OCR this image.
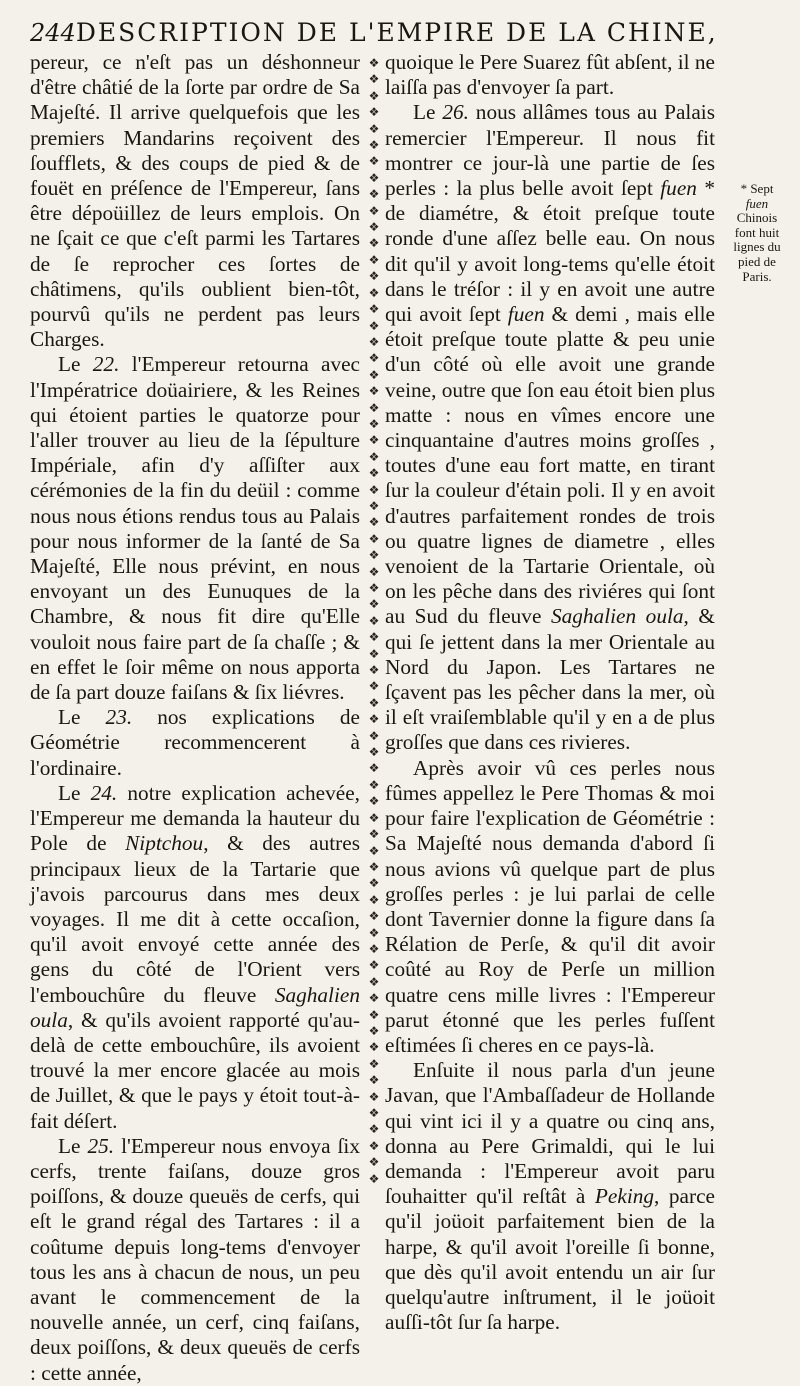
244 DESCRIPTION DE L'EMPIRE DE LA CHINE,

pereur, ce n'eſt pas un déshonneur d'être châtié de la ſorte par ordre de Sa Majeſté. Il arrive quelquefois que les premiers Mandarins reçoivent des ſoufflets, & des coups de pied & de fouët en préſence de l'Empereur, ſans être dépoüillez de leurs emplois. On ne ſçait ce que c'eſt parmi les Tartares de ſe reprocher ces ſortes de châtimens, qu'ils oublient bien-tôt, pourvû qu'ils ne perdent pas leurs Charges.

Le 22. l'Empereur retourna avec l'Impératrice doüairiere, & les Reines qui étoient parties le quatorze pour l'aller trouver au lieu de la ſépulture Impériale, afin d'y aſſiſter aux cérémonies de la fin du deüil : comme nous nous étions rendus tous au Palais pour nous informer de la ſanté de Sa Majeſté, Elle nous prévint, en nous envoyant un des Eunuques de la Chambre, & nous fit dire qu'Elle vouloit nous faire part de ſa chaſſe ; & en effet le ſoir même on nous apporta de ſa part douze faiſans & ſix liévres.

Le 23. nos explications de Géométrie recommencerent à l'ordinaire.

Le 24. notre explication achevée, l'Empereur me demanda la hauteur du Pole de Niptchou, & des autres principaux lieux de la Tartarie que j'avois parcourus dans mes deux voyages. Il me dit à cette occaſion, qu'il avoit envoyé cette année des gens du côté de l'Orient vers l'embouchûre du fleuve Saghalien oula, & qu'ils avoient rapporté qu'au-delà de cette embouchûre, ils avoient trouvé la mer encore glacée au mois de Juillet, & que le pays y étoit tout-à-fait déſert.

Le 25. l'Empereur nous envoya ſix cerfs, trente faiſans, douze gros poiſſons, & douze queuës de cerfs, qui eſt le grand régal des Tartares : il a coûtume depuis long-tems d'envoyer tous les ans à chacun de nous, un peu avant le commencement de la nouvelle année, un cerf, cinq faiſans, deux poiſſons, & deux queuës de cerfs : cette année,

❖
❖
❖
❖
❖
❖
❖
❖
❖
❖
❖
❖
❖
❖
❖
❖
❖
❖
❖
❖
❖
❖
❖
❖
❖
❖
❖
❖
❖
❖
❖
❖
❖
❖
❖
❖
❖
❖
❖
❖
❖
❖
❖
❖
❖
❖
❖
❖
❖
❖
❖
❖
❖
❖
❖
❖
❖
❖
❖
❖
❖
❖
❖
❖
❖
❖
❖
❖
❖

quoique le Pere Suarez fût abſent, il ne laiſſa pas d'envoyer ſa part.

Le 26. nous allâmes tous au Palais remercier l'Empereur. Il nous fit montrer ce jour-là une partie de ſes perles : la plus belle avoit ſept fuen * de diamétre, & étoit preſque toute ronde d'une aſſez belle eau. On nous dit qu'il y avoit long-tems qu'elle étoit dans le tréſor : il y en avoit une autre qui avoit ſept fuen & demi , mais elle étoit preſque toute platte & peu unie d'un côté où elle avoit une grande veine, outre que ſon eau étoit bien plus matte : nous en vîmes encore une cinquantaine d'autres moins groſſes , toutes d'une eau fort matte, en tirant ſur la couleur d'étain poli. Il y en avoit d'autres parfaitement rondes de trois ou quatre lignes de diametre , elles venoient de la Tartarie Orientale, où on les pêche dans des riviéres qui ſont au Sud du fleuve Saghalien oula, & qui ſe jettent dans la mer Orientale au Nord du Japon. Les Tartares ne ſçavent pas les pêcher dans la mer, où il eſt vraiſemblable qu'il y en a de plus groſſes que dans ces rivieres.

Après avoir vû ces perles nous fûmes appellez le Pere Thomas & moi pour faire l'explication de Géométrie : Sa Majeſté nous demanda d'abord ſi nous avions vû quelque part de plus groſſes perles : je lui parlai de celle dont Tavernier donne la figure dans ſa Rélation de Perſe, & qu'il dit avoir coûté au Roy de Perſe un million quatre cens mille livres : l'Empereur parut étonné que les perles fuſſent eſtimées ſi cheres en ce pays-là.

Enſuite il nous parla d'un jeune Javan, que l'Ambaſſadeur de Hollande qui vint ici il y a quatre ou cinq ans, donna au Pere Grimaldi, qui le lui demanda : l'Empereur avoit paru ſouhaitter qu'il reſtât à Peking, parce qu'il joüoit parfaitement bien de la harpe, & qu'il avoit l'oreille ſi bonne, que dès qu'il avoit entendu un air ſur quelqu'autre inſtrument, il le joüoit auſſi-tôt ſur ſa harpe.

* Sept
fuen
Chinois
font huit
lignes du
pied de
Paris.
